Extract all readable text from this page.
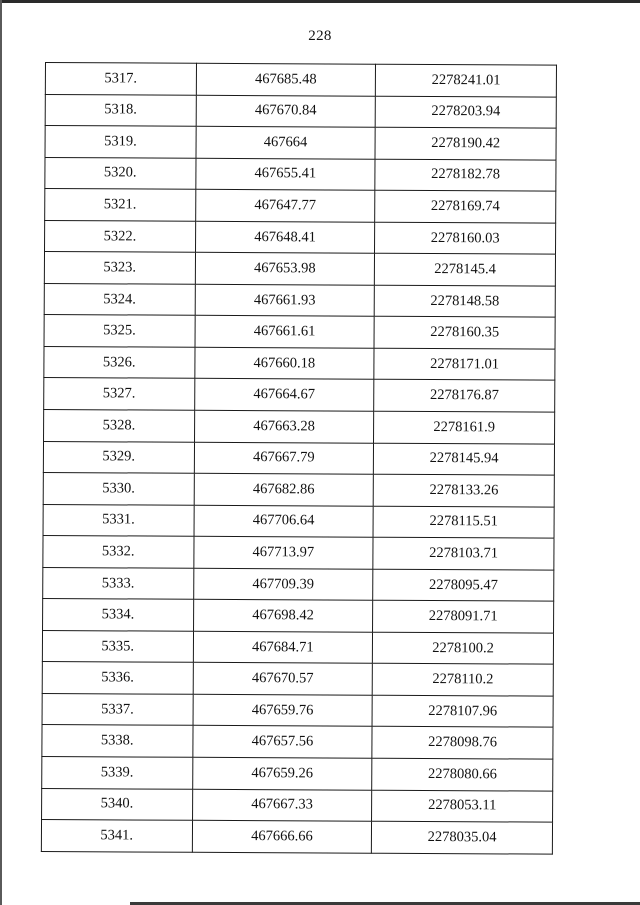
228
5317.	467685.48	2278241.01
5318.	467670.84	2278203.94
5319.	467664	2278190.42
5320.	467655.41	2278182.78
5321.	467647.77	2278169.74
5322.	467648.41	2278160.03
5323.	467653.98	2278145.4
5324.	467661.93	2278148.58
5325.	467661.61	2278160.35
5326.	467660.18	2278171.01
5327.	467664.67	2278176.87
5328.	467663.28	2278161.9
5329.	467667.79	2278145.94
5330.	467682.86	2278133.26
5331.	467706.64	2278115.51
5332.	467713.97	2278103.71
5333.	467709.39	2278095.47
5334.	467698.42	2278091.71
5335.	467684.71	2278100.2
5336.	467670.57	2278110.2
5337.	467659.76	2278107.96
5338.	467657.56	2278098.76
5339.	467659.26	2278080.66
5340.	467667.33	2278053.11
5341.	467666.66	2278035.04
